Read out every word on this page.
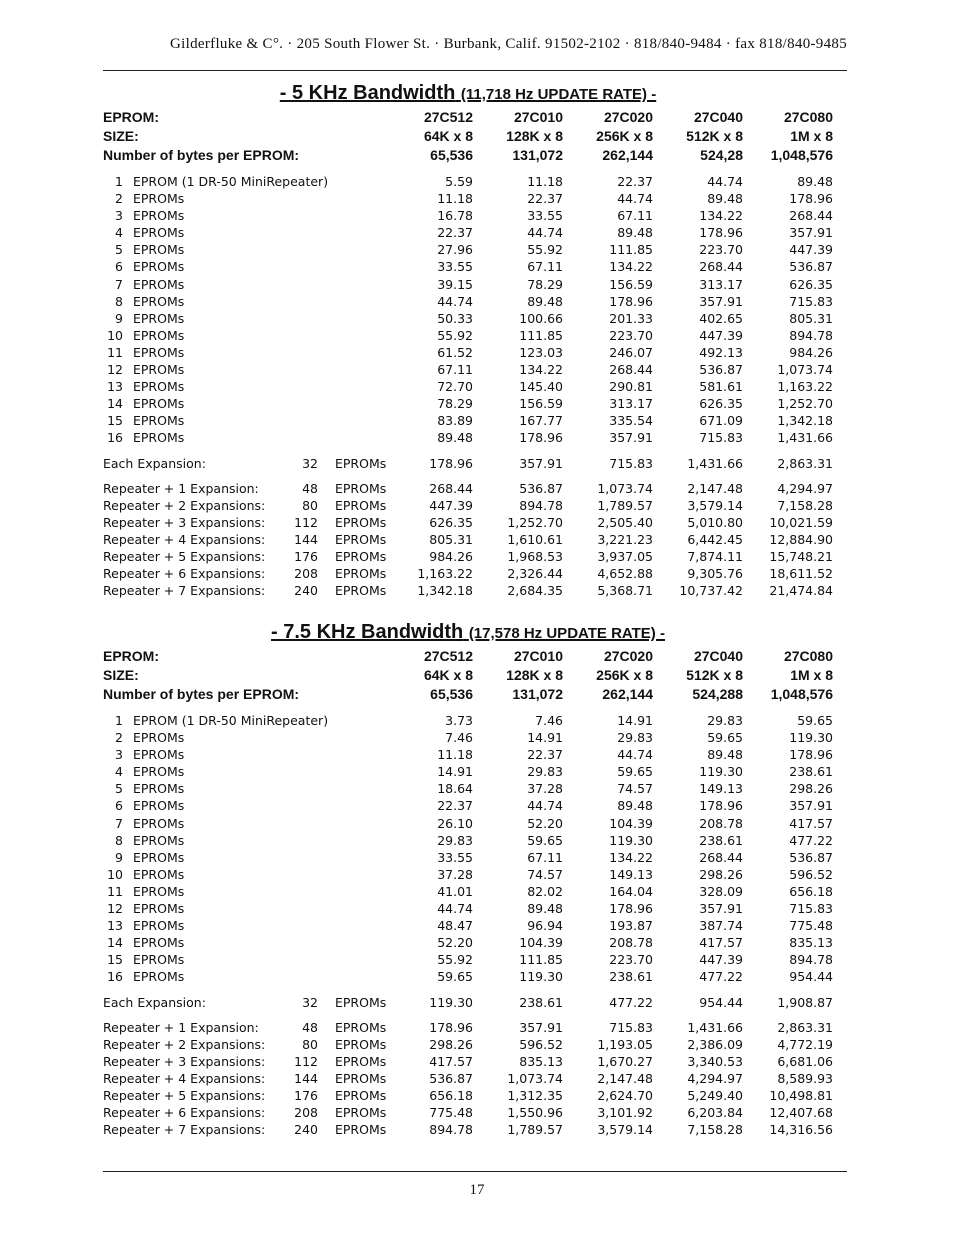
Gilderfluke & C°. · 205 South Flower St. · Burbank, Calif. 91502-2102 · 818/840-9484 · fax 818/840-9485
- 5 KHz Bandwidth (11,718 Hz UPDATE RATE) -
EPROM:				27C512	27C010	27C020	27C040	27C080
SIZE:				64K x 8	128K x 8	256K x 8	512K x 8	1M x 8
Number of bytes per EPROM:				65,536	131,072	262,144	524,28	1,048,576

1	EPROM (1 DR-50 MiniRepeater)			5.59	11.18	22.37	44.74	89.48
2	EPROMs			11.18	22.37	44.74	89.48	178.96
3	EPROMs			16.78	33.55	67.11	134.22	268.44
4	EPROMs			22.37	44.74	89.48	178.96	357.91
5	EPROMs			27.96	55.92	111.85	223.70	447.39
6	EPROMs			33.55	67.11	134.22	268.44	536.87
7	EPROMs			39.15	78.29	156.59	313.17	626.35
8	EPROMs			44.74	89.48	178.96	357.91	715.83
9	EPROMs			50.33	100.66	201.33	402.65	805.31
10	EPROMs			55.92	111.85	223.70	447.39	894.78
11	EPROMs			61.52	123.03	246.07	492.13	984.26
12	EPROMs			67.11	134.22	268.44	536.87	1,073.74
13	EPROMs			72.70	145.40	290.81	581.61	1,163.22
14	EPROMs			78.29	156.59	313.17	626.35	1,252.70
15	EPROMs			83.89	167.77	335.54	671.09	1,342.18
16	EPROMs			89.48	178.96	357.91	715.83	1,431.66

Each Expansion:		32	EPROMs	178.96	357.91	715.83	1,431.66	2,863.31

Repeater + 1 Expansion:		48	EPROMs	268.44	536.87	1,073.74	2,147.48	4,294.97
Repeater + 2 Expansions:		80	EPROMs	447.39	894.78	1,789.57	3,579.14	7,158.28
Repeater + 3 Expansions:		112	EPROMs	626.35	1,252.70	2,505.40	5,010.80	10,021.59
Repeater + 4 Expansions:		144	EPROMs	805.31	1,610.61	3,221.23	6,442.45	12,884.90
Repeater + 5 Expansions:		176	EPROMs	984.26	1,968.53	3,937.05	7,874.11	15,748.21
Repeater + 6 Expansions:		208	EPROMs	1,163.22	2,326.44	4,652.88	9,305.76	18,611.52
Repeater + 7 Expansions:		240	EPROMs	1,342.18	2,684.35	5,368.71	10,737.42	21,474.84
- 7.5 KHz Bandwidth (17,578 Hz UPDATE RATE) -
EPROM:				27C512	27C010	27C020	27C040	27C080
SIZE:				64K x 8	128K x 8	256K x 8	512K x 8	1M x 8
Number of bytes per EPROM:				65,536	131,072	262,144	524,288	1,048,576

1	EPROM (1 DR-50 MiniRepeater)			3.73	7.46	14.91	29.83	59.65
2	EPROMs			7.46	14.91	29.83	59.65	119.30
3	EPROMs			11.18	22.37	44.74	89.48	178.96
4	EPROMs			14.91	29.83	59.65	119.30	238.61
5	EPROMs			18.64	37.28	74.57	149.13	298.26
6	EPROMs			22.37	44.74	89.48	178.96	357.91
7	EPROMs			26.10	52.20	104.39	208.78	417.57
8	EPROMs			29.83	59.65	119.30	238.61	477.22
9	EPROMs			33.55	67.11	134.22	268.44	536.87
10	EPROMs			37.28	74.57	149.13	298.26	596.52
11	EPROMs			41.01	82.02	164.04	328.09	656.18
12	EPROMs			44.74	89.48	178.96	357.91	715.83
13	EPROMs			48.47	96.94	193.87	387.74	775.48
14	EPROMs			52.20	104.39	208.78	417.57	835.13
15	EPROMs			55.92	111.85	223.70	447.39	894.78
16	EPROMs			59.65	119.30	238.61	477.22	954.44

Each Expansion:		32	EPROMs	119.30	238.61	477.22	954.44	1,908.87

Repeater + 1 Expansion:		48	EPROMs	178.96	357.91	715.83	1,431.66	2,863.31
Repeater + 2 Expansions:		80	EPROMs	298.26	596.52	1,193.05	2,386.09	4,772.19
Repeater + 3 Expansions:		112	EPROMs	417.57	835.13	1,670.27	3,340.53	6,681.06
Repeater + 4 Expansions:		144	EPROMs	536.87	1,073.74	2,147.48	4,294.97	8,589.93
Repeater + 5 Expansions:		176	EPROMs	656.18	1,312.35	2,624.70	5,249.40	10,498.81
Repeater + 6 Expansions:		208	EPROMs	775.48	1,550.96	3,101.92	6,203.84	12,407.68
Repeater + 7 Expansions:		240	EPROMs	894.78	1,789.57	3,579.14	7,158.28	14,316.56
17
